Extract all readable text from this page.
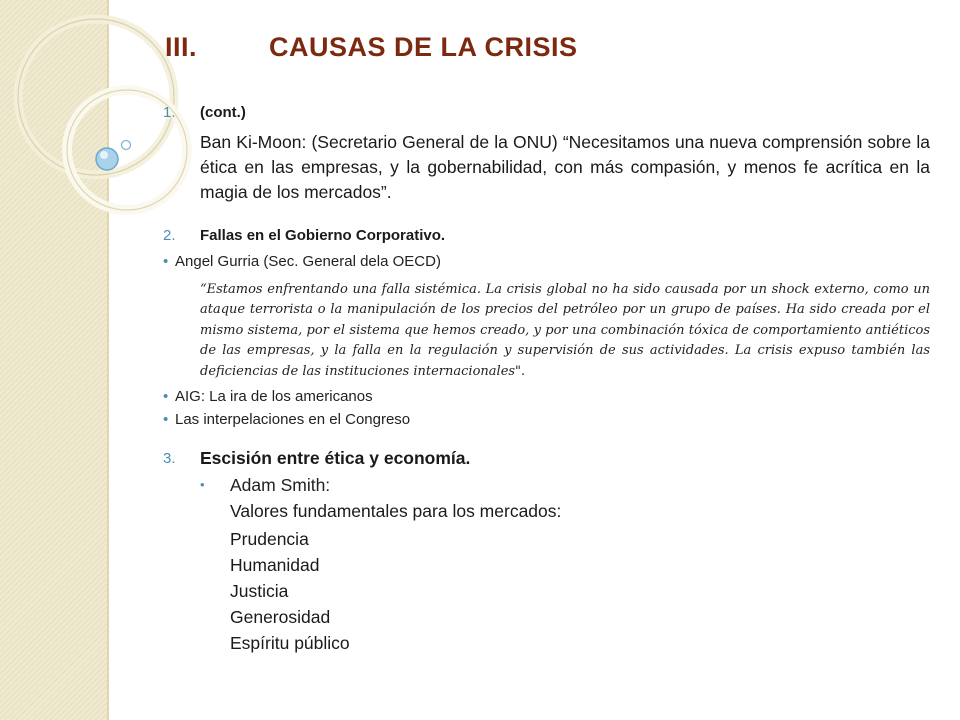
III.	CAUSAS DE LA CRISIS
1. (cont.)
Ban Ki-Moon: (Secretario General de la ONU) “Necesitamos una nueva comprensión sobre la ética en las empresas, y la gobernabilidad, con más compasión, y menos fe acrítica en la magia de los mercados”.
2. Fallas en el Gobierno Corporativo.
• Angel Gurria (Sec. General dela OECD)
“Estamos enfrentando una falla sistémica. La crisis global no ha sido causada por un shock externo, como un ataque terrorista o la manipulación de los precios del petróleo por un grupo de países. Ha sido creada por el mismo sistema, por el sistema que hemos creado, y por una combinación tóxica de comportamiento antiéticos de las empresas, y la falla en la regulación y supervisión de sus actividades. La crisis expuso también las deficiencias de las instituciones internacionales".
• AIG: La ira de los americanos
• Las interpelaciones en el Congreso
3. Escisión entre ética y economía.
• Adam Smith:
Valores fundamentales para los mercados:
Prudencia
Humanidad
Justicia
Generosidad
Espíritu público
